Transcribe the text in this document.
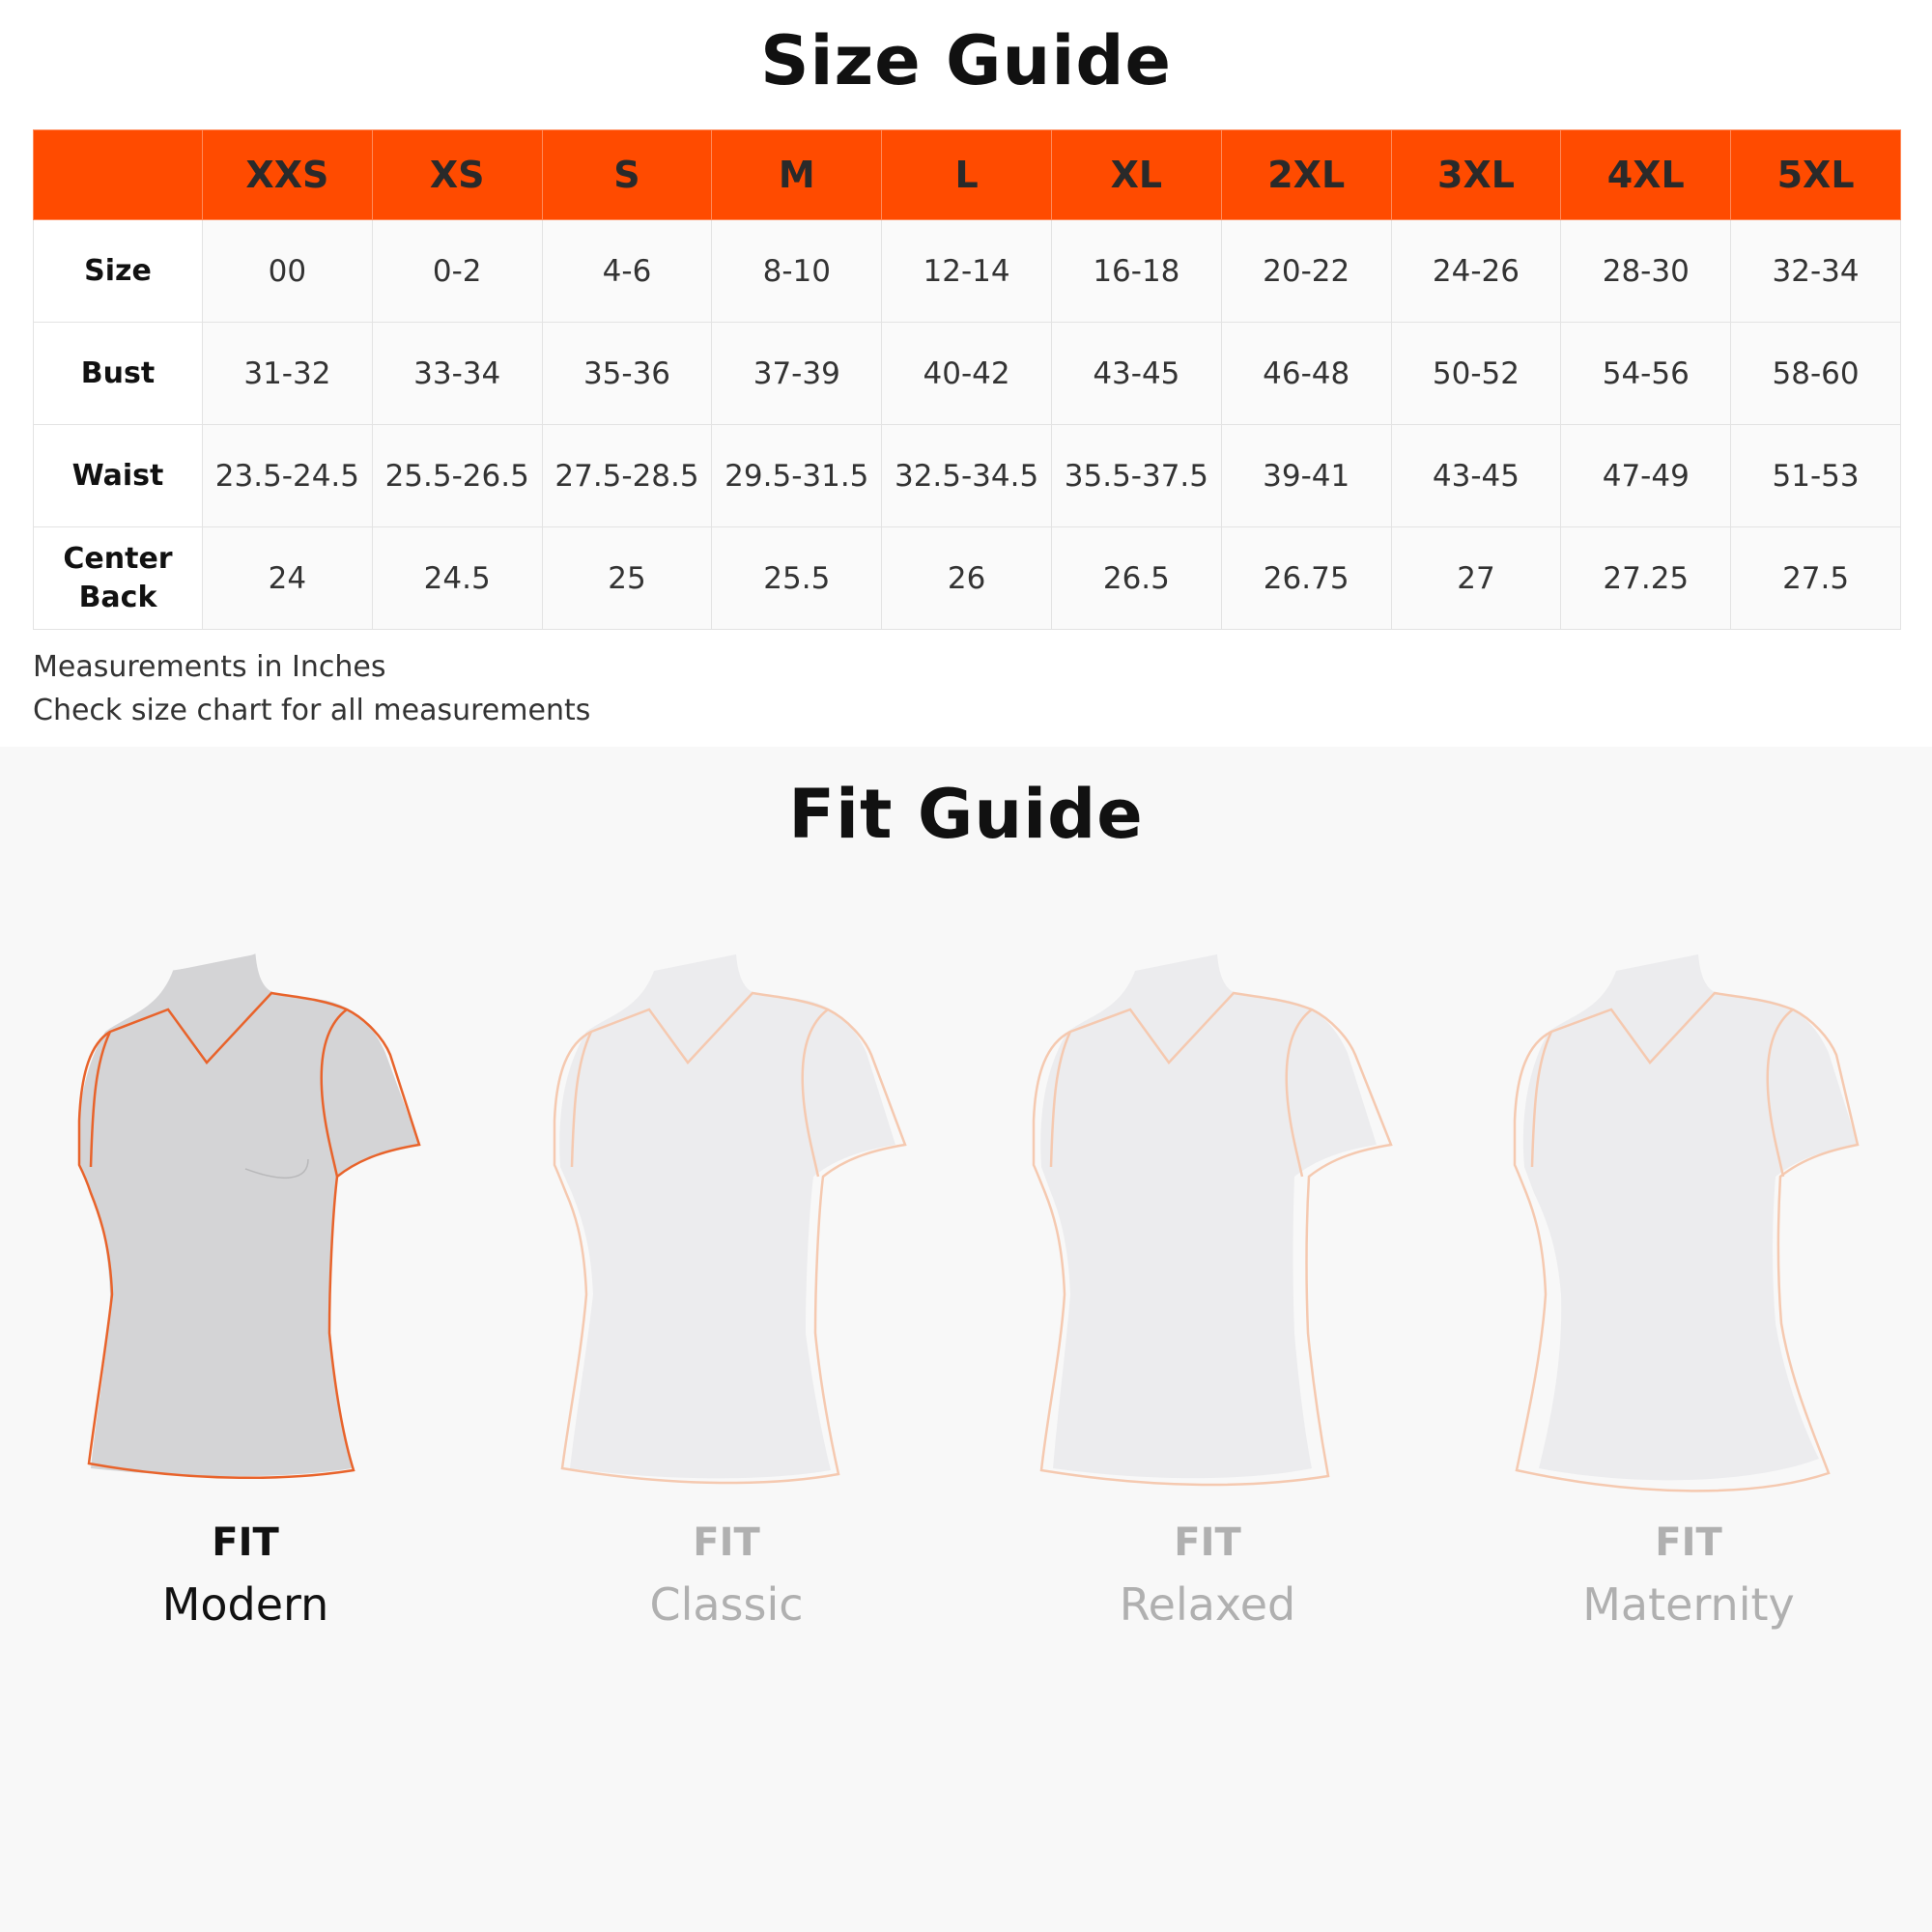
Size Guide
	XXS	XS	S	M	L	XL	2XL	3XL	4XL	5XL
Size	00	0-2	4-6	8-10	12-14	16-18	20-22	24-26	28-30	32-34
Bust	31-32	33-34	35-36	37-39	40-42	43-45	46-48	50-52	54-56	58-60
Waist	23.5-24.5	25.5-26.5	27.5-28.5	29.5-31.5	32.5-34.5	35.5-37.5	39-41	43-45	47-49	51-53
Center
Back	24	24.5	25	25.5	26	26.5	26.75	27	27.25	27.5
Measurements in Inches
Check size chart for all measurements
Fit Guide
FIT
Modern
FIT
Classic
FIT
Relaxed
FIT
Maternity
